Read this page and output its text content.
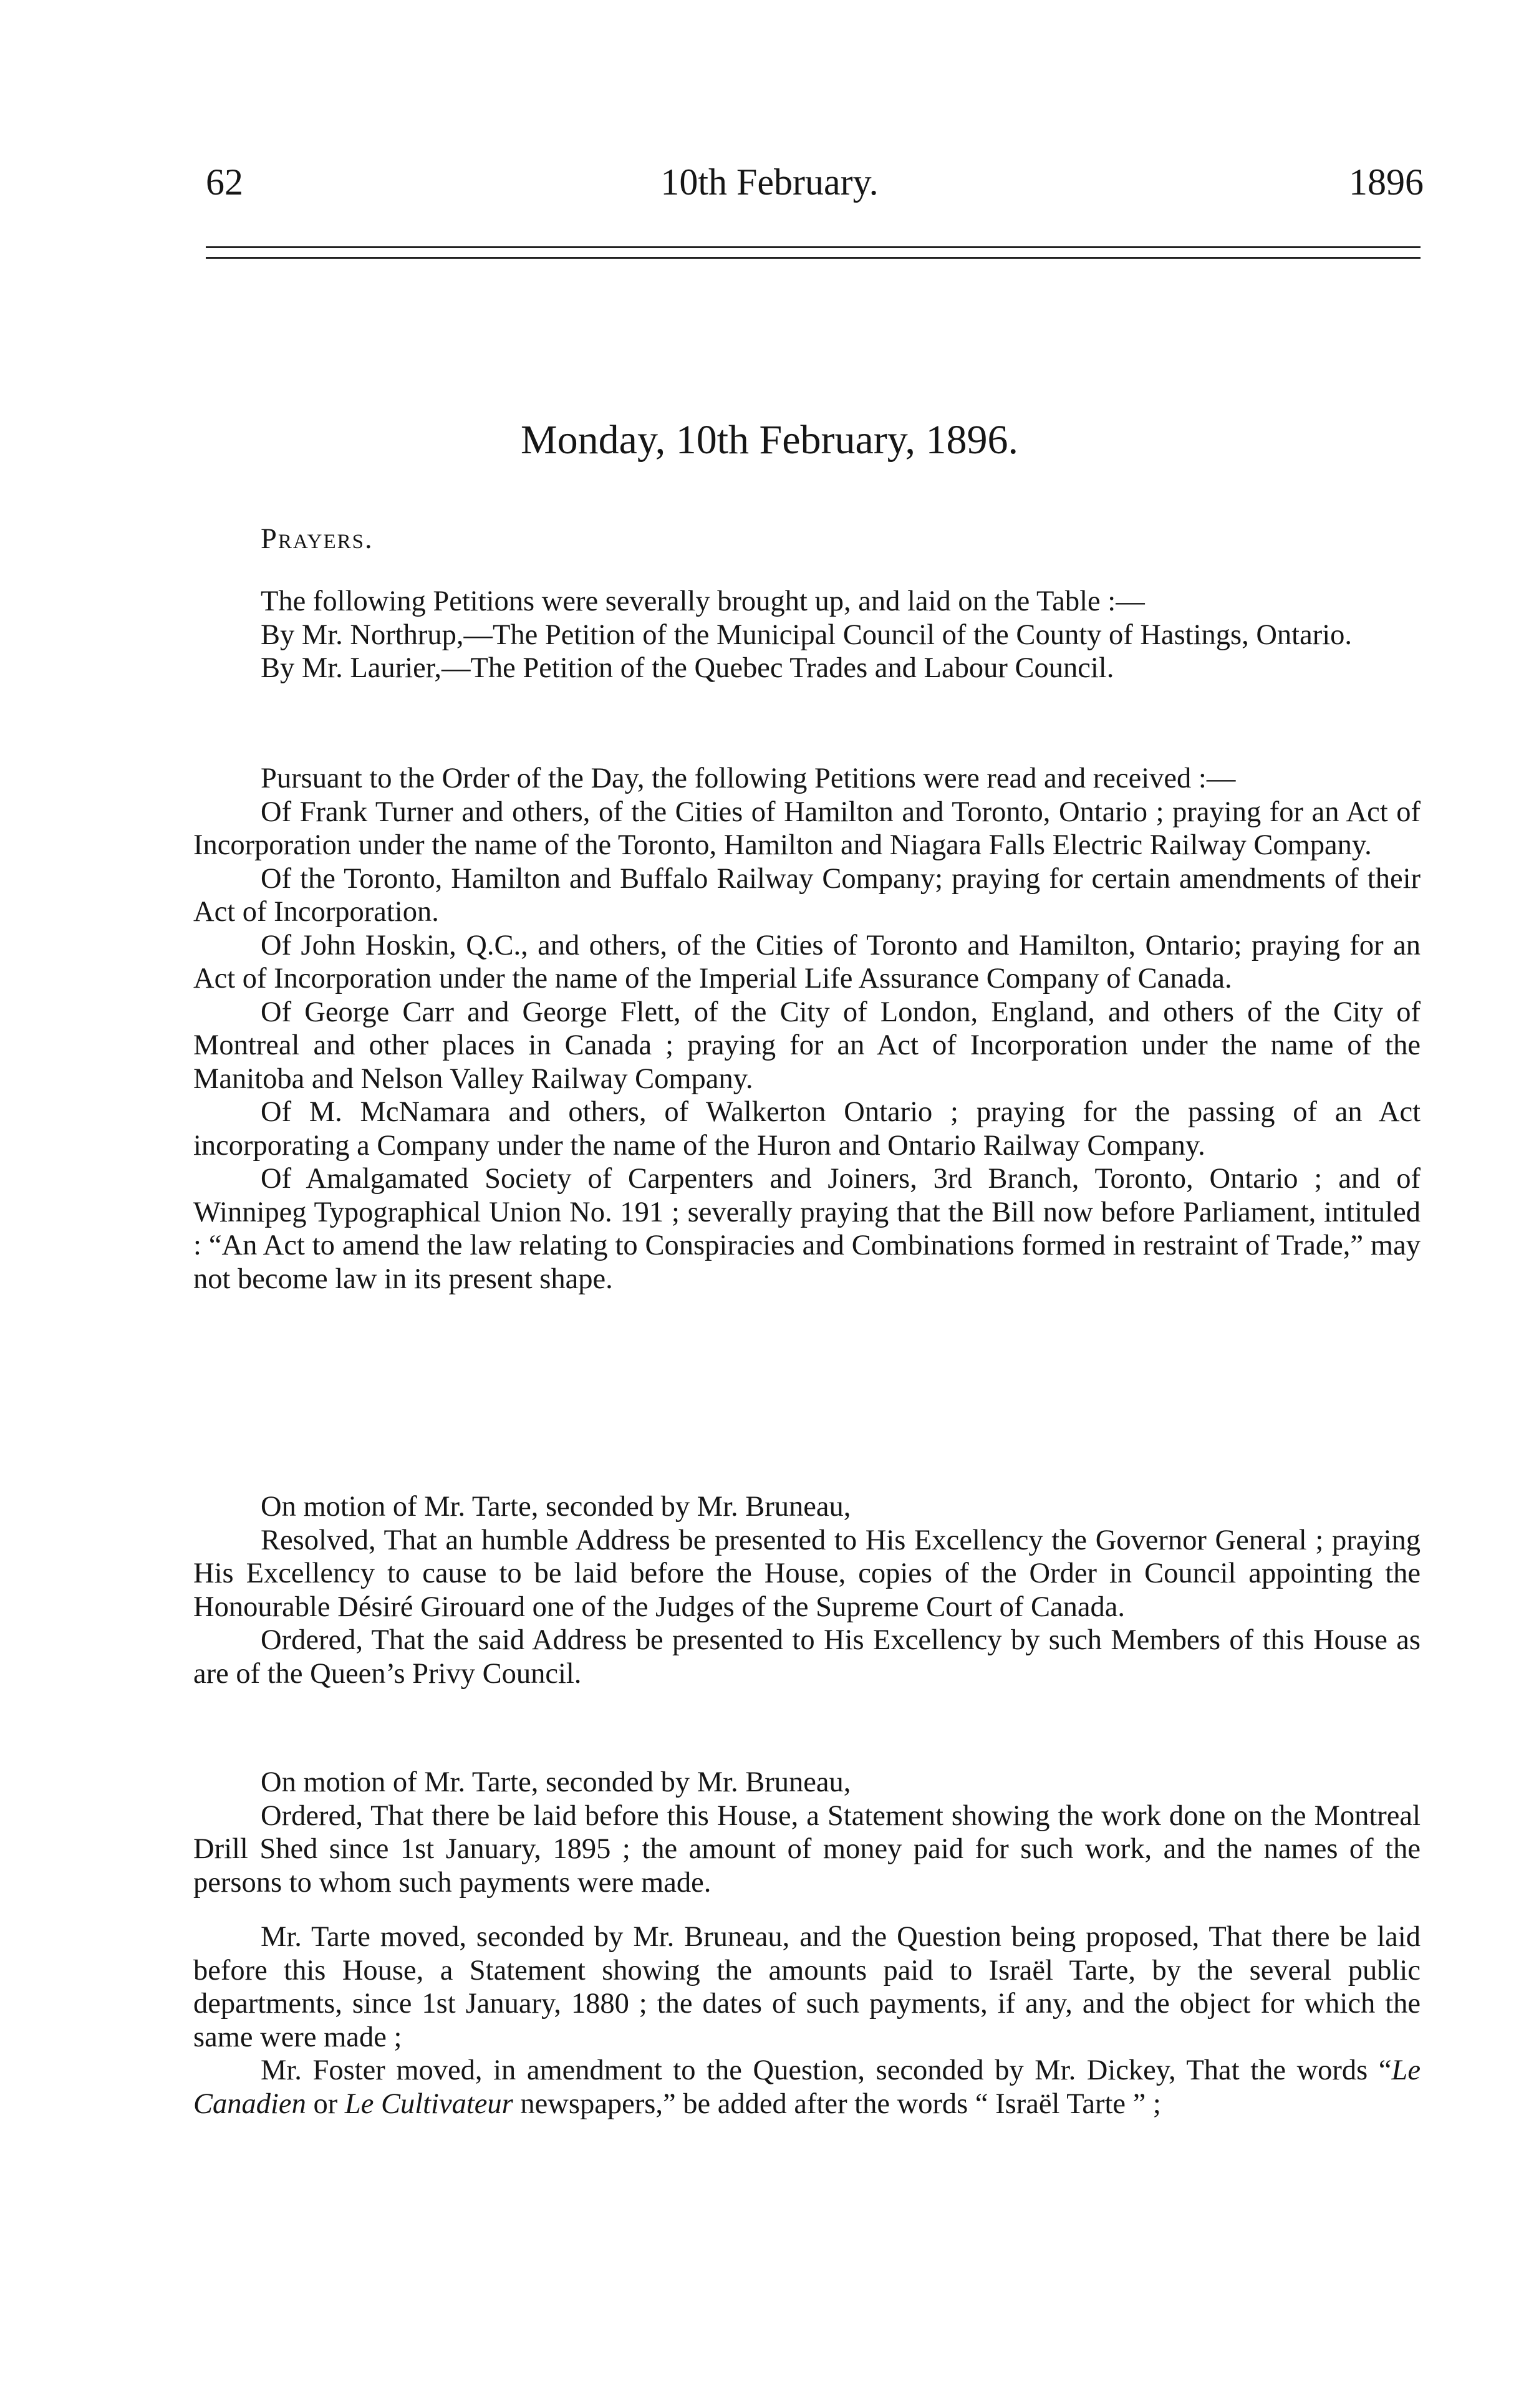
10th February.
62	1896
Monday, 10th February, 1896.

Prayers.

The following Petitions were severally brought up, and laid on the Table :—

By Mr. Northrup,—The Petition of the Municipal Council of the County of Hastings, Ontario.

By Mr. Laurier,—The Petition of the Quebec Trades and Labour Council.

Pursuant to the Order of the Day, the following Petitions were read and received :—

Of Frank Turner and others, of the Cities of Hamilton and Toronto, Ontario ; praying for an Act of Incorporation under the name of the Toronto, Hamilton and Niagara Falls Electric Railway Company.

Of the Toronto, Hamilton and Buffalo Railway Company; praying for certain amendments of their Act of Incorporation.

Of John Hoskin, Q.C., and others, of the Cities of Toronto and Hamilton, Ontario; praying for an Act of Incorporation under the name of the Imperial Life Assurance Company of Canada.

Of George Carr and George Flett, of the City of London, England, and others of the City of Montreal and other places in Canada ; praying for an Act of Incorporation under the name of the Manitoba and Nelson Valley Railway Company.

Of M. McNamara and others, of Walkerton Ontario ; praying for the passing of an Act incorporating a Company under the name of the Huron and Ontario Railway Company.

Of Amalgamated Society of Carpenters and Joiners, 3rd Branch, Toronto, Ontario ; and of Winnipeg Typographical Union No. 191 ; severally praying that the Bill now before Parliament, intituled : “An Act to amend the law relating to Conspiracies and Combinations formed in restraint of Trade,” may not become law in its present shape.

On motion of Mr. Tarte, seconded by Mr. Bruneau,

Resolved, That an humble Address be presented to His Excellency the Governor General ; praying His Excellency to cause to be laid before the House, copies of the Order in Council appointing the Honourable Désiré Girouard one of the Judges of the Supreme Court of Canada.

Ordered, That the said Address be presented to His Excellency by such Members of this House as are of the Queen’s Privy Council.

On motion of Mr. Tarte, seconded by Mr. Bruneau,

Ordered, That there be laid before this House, a Statement showing the work done on the Montreal Drill Shed since 1st January, 1895 ; the amount of money paid for such work, and the names of the persons to whom such payments were made.

Mr. Tarte moved, seconded by Mr. Bruneau, and the Question being proposed, That there be laid before this House, a Statement showing the amounts paid to Israël Tarte, by the several public departments, since 1st January, 1880 ; the dates of such payments, if any, and the object for which the same were made ;

Mr. Foster moved, in amendment to the Question, seconded by Mr. Dickey, That the words “Le Canadien or Le Cultivateur newspapers,” be added after the words “ Israël Tarte ” ;
